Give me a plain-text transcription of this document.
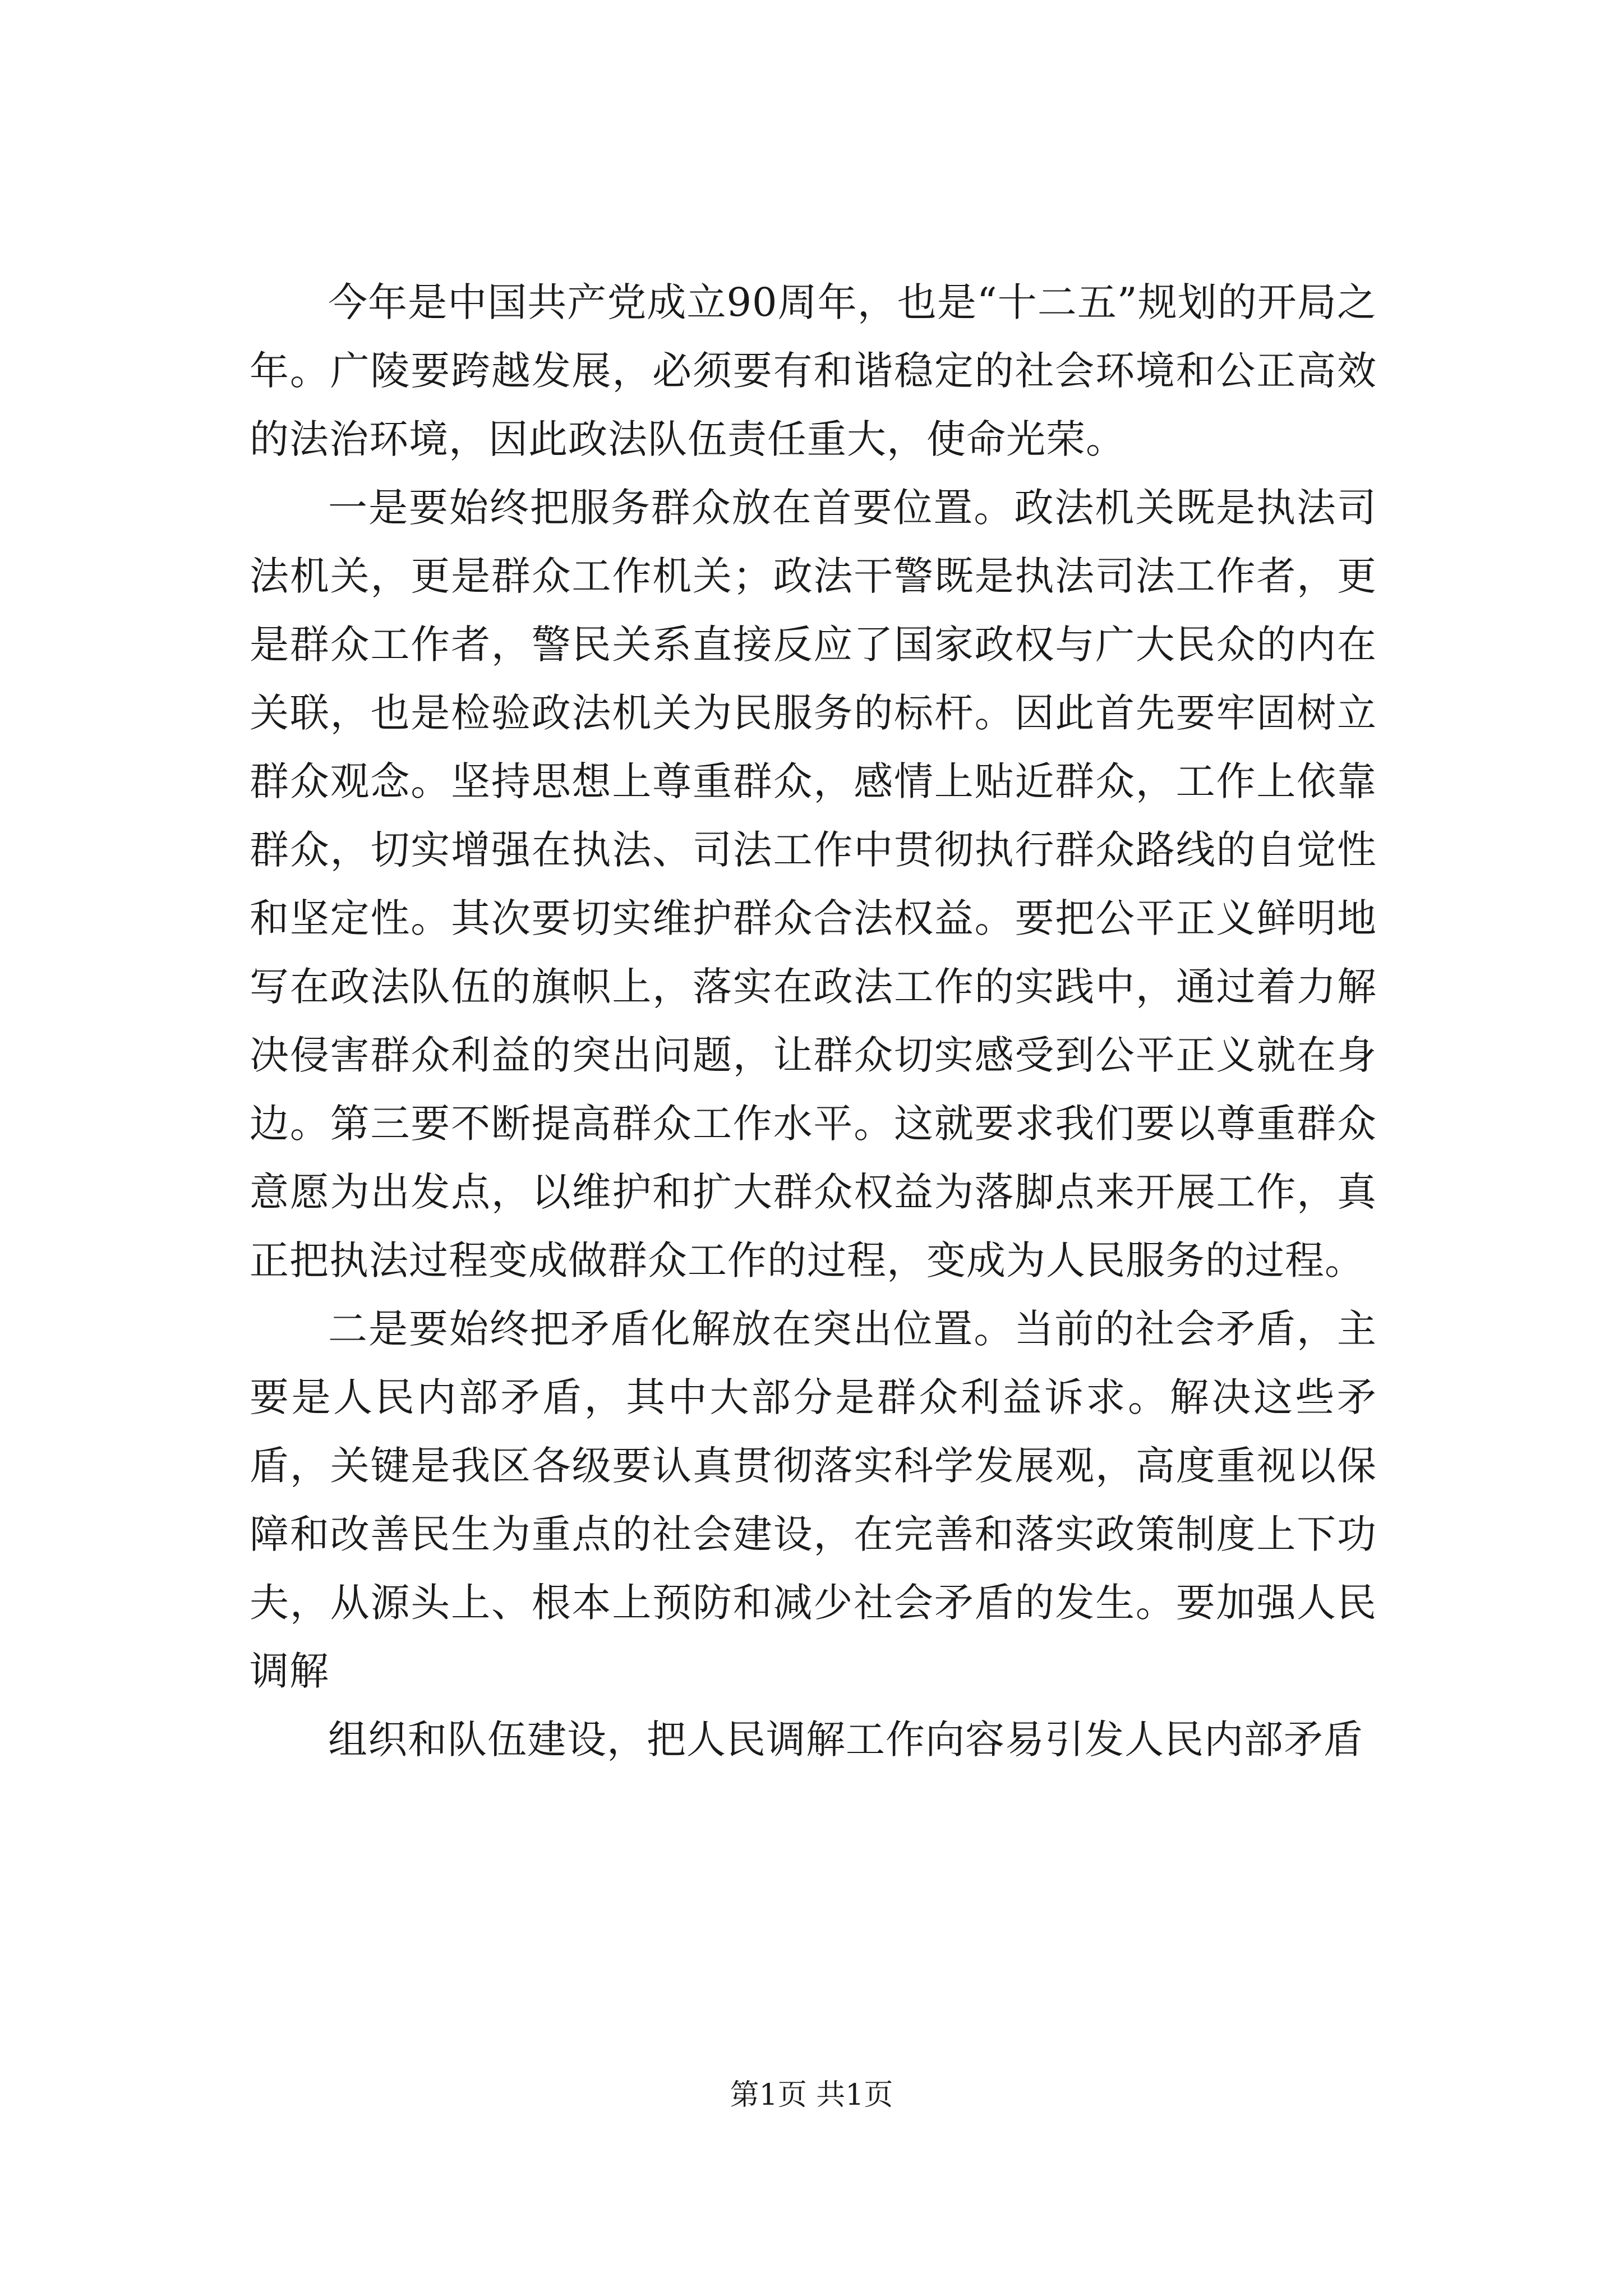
今年是中国共产党成立90周年，也是“十二五”规划的开局之年。广陵要跨越发展，必须要有和谐稳定的社会环境和公正高效的法治环境，因此政法队伍责任重大，使命光荣。

一是要始终把服务群众放在首要位置。政法机关既是执法司法机关，更是群众工作机关；政法干警既是执法司法工作者，更是群众工作者，警民关系直接反应了国家政权与广大民众的内在关联，也是检验政法机关为民服务的标杆。因此首先要牢固树立群众观念。坚持思想上尊重群众，感情上贴近群众，工作上依靠群众，切实增强在执法、司法工作中贯彻执行群众路线的自觉性和坚定性。其次要切实维护群众合法权益。要把公平正义鲜明地写在政法队伍的旗帜上，落实在政法工作的实践中，通过着力解决侵害群众利益的突出问题，让群众切实感受到公平正义就在身边。第三要不断提高群众工作水平。这就要求我们要以尊重群众意愿为出发点，以维护和扩大群众权益为落脚点来开展工作，真正把执法过程变成做群众工作的过程，变成为人民服务的过程。

二是要始终把矛盾化解放在突出位置。当前的社会矛盾，主要是人民内部矛盾，其中大部分是群众利益诉求。解决这些矛盾，关键是我区各级要认真贯彻落实科学发展观，高度重视以保障和改善民生为重点的社会建设，在完善和落实政策制度上下功夫，从源头上、根本上预防和减少社会矛盾的发生。要加强人民调解

组织和队伍建设，把人民调解工作向容易引发人民内部矛盾

第1页 共1页
